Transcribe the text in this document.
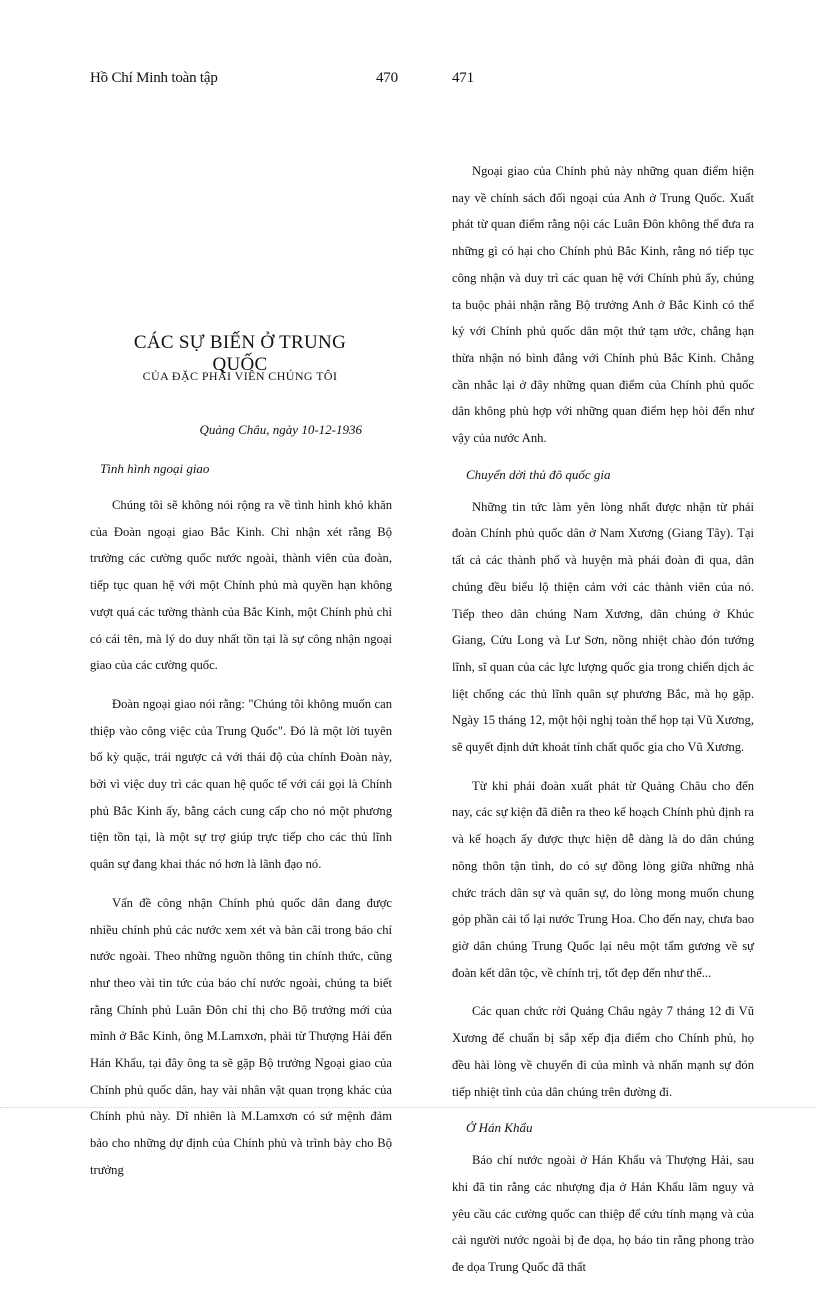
Hồ Chí Minh toàn tập	470
CÁC SỰ BIẾN Ở TRUNG QUỐC
CỦA ĐẶC PHÁI VIÊN CHÚNG TÔI
Quảng Châu, ngày 10-12-1936
Tình hình ngoại giao

Chúng tôi sẽ không nói rộng ra về tình hình khó khăn của Đoàn ngoại giao Bắc Kinh. Chỉ nhận xét rằng Bộ trưởng các cường quốc nước ngoài, thành viên của đoàn, tiếp tục quan hệ với một Chính phủ mà quyền hạn không vượt quá các tường thành của Bắc Kinh, một Chính phủ chỉ có cái tên, mà lý do duy nhất tồn tại là sự công nhận ngoại giao của các cường quốc.

Đoàn ngoại giao nói rằng: "Chúng tôi không muốn can thiệp vào công việc của Trung Quốc". Đó là một lời tuyên bố kỳ quặc, trái ngược cả với thái độ của chính Đoàn này, bởi vì việc duy trì các quan hệ quốc tế với cái gọi là Chính phủ Bắc Kinh ấy, bằng cách cung cấp cho nó một phương tiện tồn tại, là một sự trợ giúp trực tiếp cho các thủ lĩnh quân sự đang khai thác nó hơn là lãnh đạo nó.

Vấn đề công nhận Chính phủ quốc dân đang được nhiều chính phủ các nước xem xét và bàn cãi trong báo chí nước ngoài. Theo những nguồn thông tin chính thức, cũng như theo vài tin tức của báo chí nước ngoài, chúng ta biết rằng Chính phủ Luân Đôn chỉ thị cho Bộ trưởng mới của mình ở Bắc Kinh, ông M.Lamxơn, phải từ Thượng Hải đến Hán Khẩu, tại đây ông ta sẽ gặp Bộ trưởng Ngoại giao của Chính phủ quốc dân, hay vài nhân vật quan trọng khác của Chính phủ này. Dĩ nhiên là M.Lamxơn có sứ mệnh đảm bảo cho những dự định của Chính phủ và trình bày cho Bộ trưởng

471

Ngoại giao của Chính phủ này những quan điểm hiện nay về chính sách đối ngoại của Anh ở Trung Quốc. Xuất phát từ quan điểm rằng nội các Luân Đôn không thể đưa ra những gì có hại cho Chính phủ Bắc Kinh, rằng nó tiếp tục công nhận và duy trì các quan hệ với Chính phủ ấy, chúng ta buộc phải nhận rằng Bộ trưởng Anh ở Bắc Kinh có thể ký với Chính phủ quốc dân một thứ tạm ước, chẳng hạn thừa nhận nó bình đẳng với Chính phủ Bắc Kinh. Chẳng cần nhắc lại ở đây những quan điểm của Chính phủ quốc dân không phù hợp với những quan điểm hẹp hòi đến như vậy của nước Anh.

Chuyển dời thủ đô quốc gia

Những tin tức làm yên lòng nhất được nhận từ phái đoàn Chính phủ quốc dân ở Nam Xương (Giang Tây). Tại tất cả các thành phố và huyện mà phái đoàn đi qua, dân chúng đều biểu lộ thiện cảm với các thành viên của nó. Tiếp theo dân chúng Nam Xương, dân chúng ở Khúc Giang, Cửu Long và Lư Sơn, nồng nhiệt chào đón tướng lĩnh, sĩ quan của các lực lượng quốc gia trong chiến dịch ác liệt chống các thủ lĩnh quân sự phương Bắc, mà họ gặp. Ngày 15 tháng 12, một hội nghị toàn thể họp tại Vũ Xương, sẽ quyết định dứt khoát tính chất quốc gia cho Vũ Xương.

Từ khi phái đoàn xuất phát từ Quảng Châu cho đến nay, các sự kiện đã diễn ra theo kế hoạch Chính phủ định ra và kế hoạch ấy được thực hiện dễ dàng là do dân chúng nông thôn tận tình, do có sự đồng lòng giữa những nhà chức trách dân sự và quân sự, do lòng mong muốn chung góp phần cải tổ lại nước Trung Hoa. Cho đến nay, chưa bao giờ dân chúng Trung Quốc lại nêu một tấm gương về sự đoàn kết dân tộc, về chính trị, tốt đẹp đến như thế...

Các quan chức rời Quảng Châu ngày 7 tháng 12 đi Vũ Xương để chuẩn bị sắp xếp địa điểm cho Chính phủ, họ đều hài lòng về chuyến đi của mình và nhấn mạnh sự đón tiếp nhiệt tình của dân chúng trên đường đi.

Ở Hán Khẩu

Báo chí nước ngoài ở Hán Khẩu và Thượng Hải, sau khi đã tin rằng các nhượng địa ở Hán Khẩu lâm nguy và yêu cầu các cường quốc can thiệp để cứu tính mạng và của cải người nước ngoài bị đe dọa, họ báo tin rằng phong trào đe dọa Trung Quốc đã thất
